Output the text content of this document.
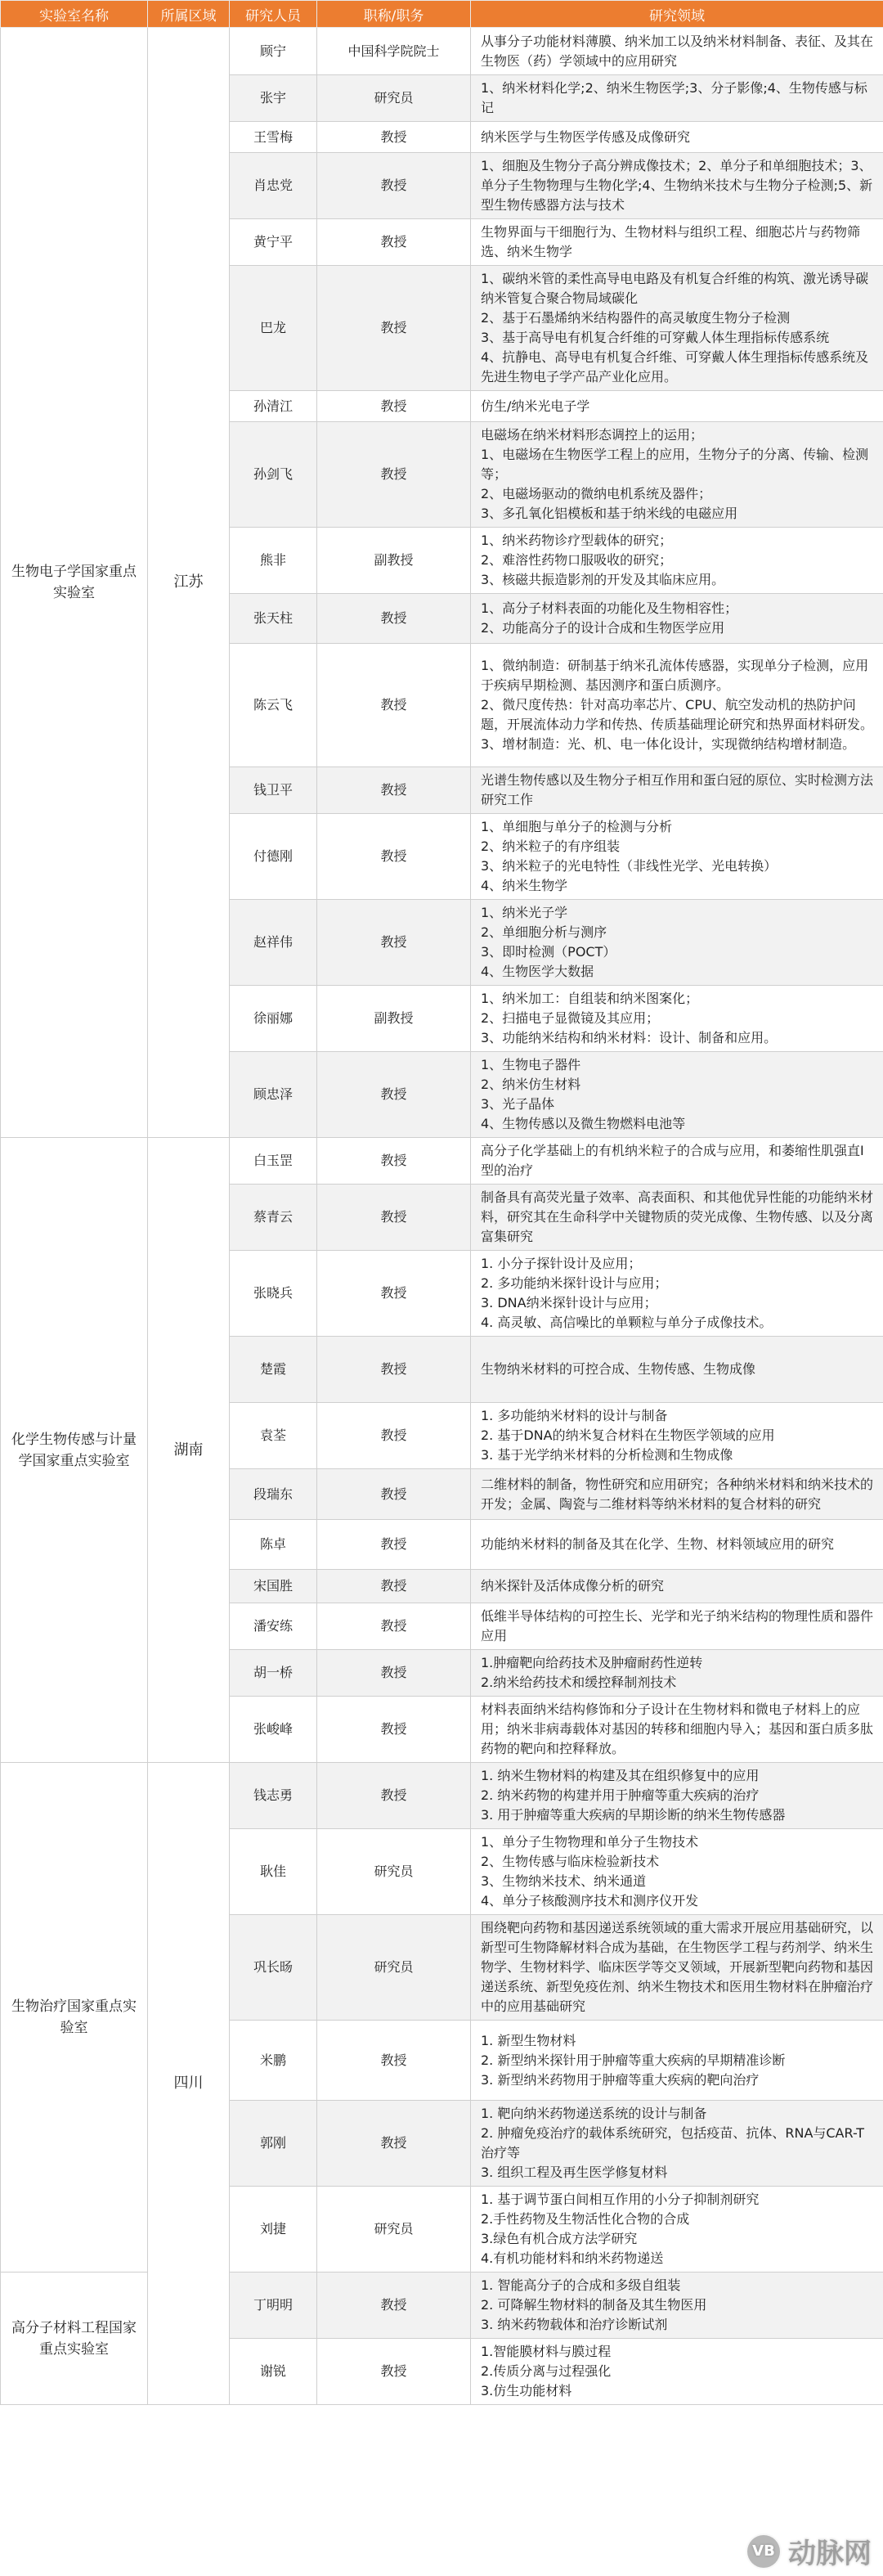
实验室名称	所属区域	研究人员	职称/职务	研究领域
生物电子学国家重点实验室	江苏	顾宁	中国科学院院士	从事分子功能材料薄膜、纳米加工以及纳米材料制备、表征、及其在生物医（药）学领域中的应用研究

		张宇	研究员	1、纳米材料化学;2、纳米生物医学;3、分子影像;4、生物传感与标记

		王雪梅	教授	纳米医学与生物医学传感及成像研究

		肖忠党	教授	1、细胞及生物分子高分辨成像技术；2、单分子和单细胞技术；3、单分子生物物理与生物化学;4、生物纳米技术与生物分子检测;5、新型生物传感器方法与技术

		黄宁平	教授	生物界面与干细胞行为、生物材料与组织工程、细胞芯片与药物筛选、纳米生物学

		巴龙	教授	1、碳纳米管的柔性高导电电路及有机复合纤维的构筑、激光诱导碳纳米管复合聚合物局域碳化
2、基于石墨烯纳米结构器件的高灵敏度生物分子检测
3、基于高导电有机复合纤维的可穿戴人体生理指标传感系统
4、抗静电、高导电有机复合纤维、可穿戴人体生理指标传感系统及先进生物电子学产品产业化应用。

		孙清江	教授	仿生/纳米光电子学

		孙剑飞	教授	电磁场在纳米材料形态调控上的运用；
1、电磁场在生物医学工程上的应用，生物分子的分离、传输、检测等；
2、电磁场驱动的微纳电机系统及器件；
3、多孔氧化铝模板和基于纳米线的电磁应用

		熊非	副教授	1、纳米药物诊疗型载体的研究；
2、难溶性药物口服吸收的研究；
3、核磁共振造影剂的开发及其临床应用。

		张天柱	教授	1、高分子材料表面的功能化及生物相容性；
2、功能高分子的设计合成和生物医学应用

		陈云飞	教授	1、微纳制造：研制基于纳米孔流体传感器，实现单分子检测，应用于疾病早期检测、基因测序和蛋白质测序。
2、微尺度传热：针对高功率芯片、CPU、航空发动机的热防护问题，开展流体动力学和传热、传质基础理论研究和热界面材料研发。
3、增材制造：光、机、电一体化设计，实现微纳结构增材制造。

		钱卫平	教授	光谱生物传感以及生物分子相互作用和蛋白冠的原位、实时检测方法研究工作

		付德刚	教授	1、单细胞与单分子的检测与分析
2、纳米粒子的有序组装
3、纳米粒子的光电特性（非线性光学、光电转换）
4、纳米生物学

		赵祥伟	教授	1、纳米光子学
2、单细胞分析与测序
3、即时检测（POCT）
4、生物医学大数据

		徐丽娜	副教授	1、纳米加工：自组装和纳米图案化；
2、扫描电子显微镜及其应用；
3、功能纳米结构和纳米材料：设计、制备和应用。

		顾忠泽	教授	1、生物电子器件
2、纳米仿生材料
3、光子晶体
4、生物传感以及微生物燃料电池等

化学生物传感与计量学国家重点实验室	湖南	白玉罡	教授	高分子化学基础上的有机纳米粒子的合成与应用，和萎缩性肌强直I型的治疗

		蔡青云	教授	制备具有高荧光量子效率、高表面积、和其他优异性能的功能纳米材料，研究其在生命科学中关键物质的荧光成像、生物传感、以及分离富集研究

		张晓兵	教授	1. 小分子探针设计及应用；
2. 多功能纳米探针设计与应用；
3. DNA纳米探针设计与应用；
4. 高灵敏、高信噪比的单颗粒与单分子成像技术。

		楚霞	教授	生物纳米材料的可控合成、生物传感、生物成像

		袁荃	教授	1. 多功能纳米材料的设计与制备
2. 基于DNA的纳米复合材料在生物医学领域的应用
3. 基于光学纳米材料的分析检测和生物成像

		段瑞东	教授	二维材料的制备，物性研究和应用研究；各种纳米材料和纳米技术的开发；金属、陶瓷与二维材料等纳米材料的复合材料的研究

		陈卓	教授	功能纳米材料的制备及其在化学、生物、材料领域应用的研究

		宋国胜	教授	纳米探针及活体成像分析的研究

		潘安练	教授	低维半导体结构的可控生长、光学和光子纳米结构的物理性质和器件应用

		胡一桥	教授	1.肿瘤靶向给药技术及肿瘤耐药性逆转
2.纳米给药技术和缓控释制剂技术

		张峻峰	教授	材料表面纳米结构修饰和分子设计在生物材料和微电子材料上的应用；纳米非病毒载体对基因的转移和细胞内导入；基因和蛋白质多肽药物的靶向和控释释放。

生物治疗国家重点实验室	四川	钱志勇	教授	1. 纳米生物材料的构建及其在组织修复中的应用
2. 纳米药物的构建并用于肿瘤等重大疾病的治疗
3. 用于肿瘤等重大疾病的早期诊断的纳米生物传感器

		耿佳	研究员	1、单分子生物物理和单分子生物技术
2、生物传感与临床检验新技术
3、生物纳米技术、纳米通道
4、单分子核酸测序技术和测序仪开发

		巩长旸	研究员	围绕靶向药物和基因递送系统领域的重大需求开展应用基础研究，以新型可生物降解材料合成为基础，在生物医学工程与药剂学、纳米生物学、生物材料学、临床医学等交叉领域，开展新型靶向药物和基因递送系统、新型免疫佐剂、纳米生物技术和医用生物材料在肿瘤治疗中的应用基础研究

		米鹏	教授	1. 新型生物材料
2. 新型纳米探针用于肿瘤等重大疾病的早期精准诊断
3. 新型纳米药物用于肿瘤等重大疾病的靶向治疗

		郭刚	教授	1. 靶向纳米药物递送系统的设计与制备
2. 肿瘤免疫治疗的载体系统研究，包括疫苗、抗体、RNA与CAR-T治疗等
3. 组织工程及再生医学修复材料

		刘捷	研究员	1. 基于调节蛋白间相互作用的小分子抑制剂研究
2.手性药物及生物活性化合物的合成
3.绿色有机合成方法学研究
4.有机功能材料和纳米药物递送

高分子材料工程国家重点实验室		丁明明	教授	1. 智能高分子的合成和多级自组装
2. 可降解生物材料的制备及其生物医用
3. 纳米药物载体和治疗诊断试剂

		谢锐	教授	1.智能膜材料与膜过程
2.传质分离与过程强化
3.仿生功能材料
VB 动脉网
